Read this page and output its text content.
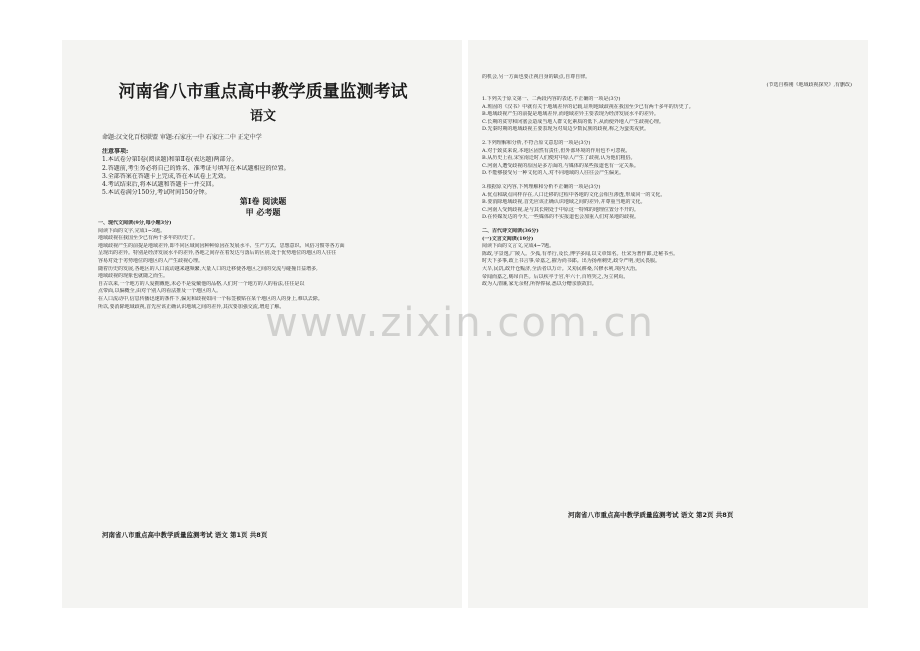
河南省八市重点高中教学质量监测考试
语文
命题:汉文化百校联盟 审题:石家庄一中 石家庄二中 正定中学
注意事项:
1.本试卷分第Ⅰ卷(阅读题)和第Ⅱ卷(表达题)两部分。
2.答题前,考生务必将自己的姓名、准考证号填写在本试题相应的位置。
3.全部答案在答题卡上完成,答在本试卷上无效。
4.考试结束后,将本试题和答题卡一并交回。
5.本试卷满分150分,考试时间150分钟。
第Ⅰ卷 阅读题
甲 必考题
一、现代文阅读(9分,每小题3分)
阅读下面的文字,完成1~3题。
地域歧视在我国至少已有两千多年的历史了。
地域歧视产生的前提是地域差异,即不同区域间因种种原因在发展水平、生产方式、思想意识、风俗习惯等各方面
呈现出的差异。特别是经济发展水平的差异,各地之间存在着发达与落后的区别,处于优势地位的地区的人往往
容易对处于劣势地位的地区的人产生歧视心理。
随着历史的发展,各地区的人口流动越来越频繁,大量人口的迁移使各地区之间的交流与碰撞日益增多,
地域歧视的现象也就随之而生。
自古以来,一个地方的人爱拥戴他,未必不是爱戴他的品格,人们对一个地方的人的看法,往往是以
点带面,以偏概全,由对个别人的看法推及一个地区的人。
在人口流动中,信息传播迅速的条件下,偏见和歧视如同一个标签被贴在某个地区的人的身上,难以去除。
所以,要消除地域歧视,首先应该正确认识地域之间的差异,其次要加强交流,增进了解。
河南省八市重点高中教学质量监测考试 语文 第1页 共8页
的机会,另一方面也要正视自身的缺点,自尊自律。
(节选自蔡刚《地域歧视探究》,有删改)
1.下列关于原文第一、二两段内容的表述,不正确的一项是(3分)
A.班固的《汉书》中就有关于地域差异的记载,证明地域歧视在我国至少已有两千多年的历史了。
B.地域歧视产生的前提是地域差异,而地域差异主要表现为经济发展水平的差异。
C.长期的贫穷和闭塞会造成当地人群文化素质的低下,从而使外地人产生歧视心理。
D.先秦时期的地域歧视主要表现为对周边少数民族的歧视,称之为蛮夷戎狄。
2.下列理解和分析,不符合原文意思的一项是(3分)
A.对于致贫来说,本地区固然有责任,但外部环境的作用也不可忽视。
B.从历史上看,宋室南迁时人们便对中原人产生了歧视,认为他们粗俗。
C.河南人遭受歧视的原因是多方面的,与媒体的某些报道也有一定关系。
D.不能够接受另一种文化的人,对不同地域的人往往会产生偏见。
3.根据原文内容,下列理解和分析不正确的一项是(3分)
A.优点和缺点同样存在,人口迁移的过程中各地的文化会相互渗透,形成同一的文化。
B.要消除地域歧视,首先应该正确认识地域之间的差异,并尊重当地的文化。
C.河南人受到歧视,是与其长期处于中原这一特殊的地理位置分不开的。
D.在传媒发达的今天,一些媒体的不实报道也会加重人们对某地的歧视。
二、古代诗文阅读(36分)
(一)文言文阅读(19分)
阅读下面的文言文,完成4~7题。
陈政,字景逸,广陵人。少孤,有孝行,及长,博学多闻,以文章知名。仕宋为著作郎,迁秘书丞。
时天下多事,政上书言事,帝嘉之,擢为尚书郎。出为扬州刺史,政令严明,吏民畏服。
大旱,民饥,政开仓赈济,全活者以万计。又劝民耕桑,兴修水利,境内大治。
帝闻而嘉之,赐帛百匹。后以疾卒于官,年六十,百姓哭之,为立祠焉。
政为人清廉,家无余财,所得俸禄,悉以分赠亲族故旧。
河南省八市重点高中教学质量监测考试 语文 第2页 共8页
www.zixin.com.cn
